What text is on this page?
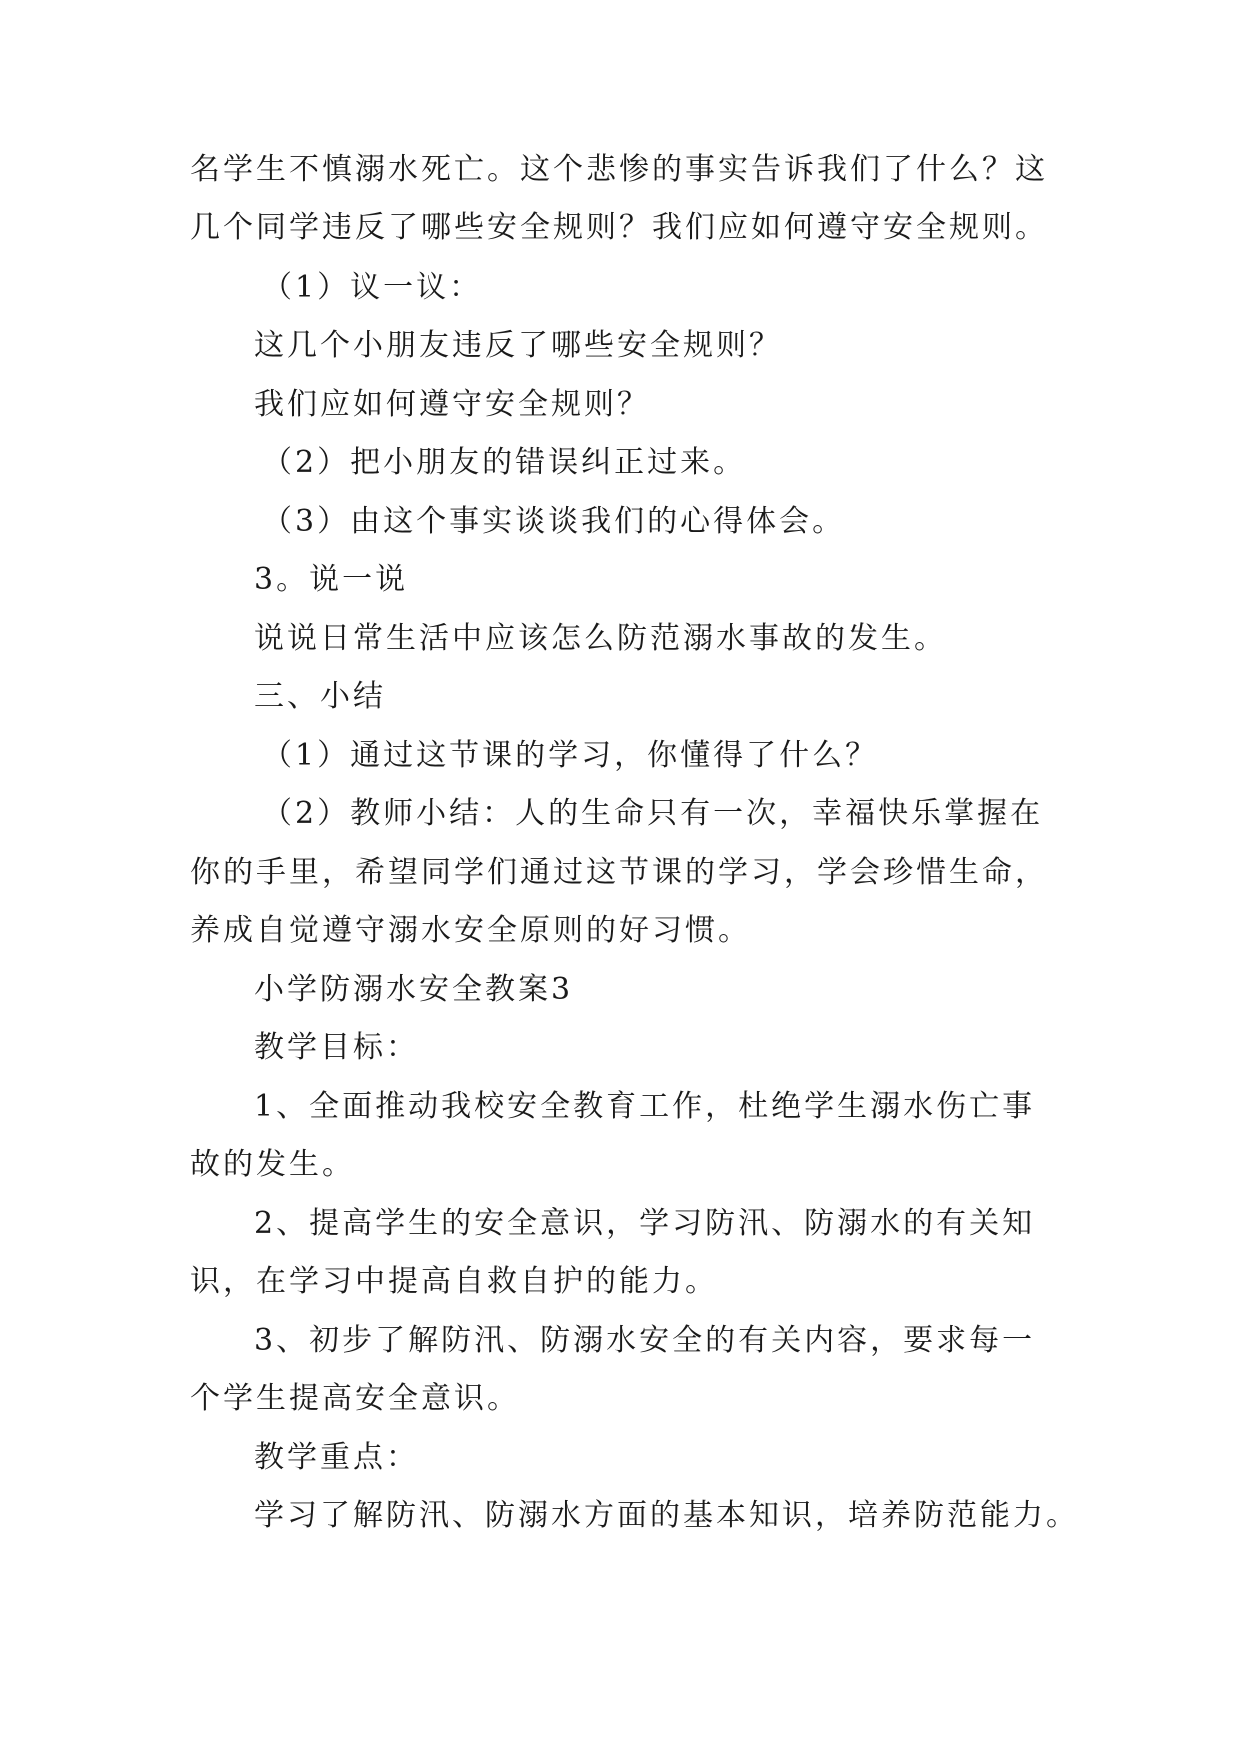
名学生不慎溺水死亡。这个悲惨的事实告诉我们了什么？这
几个同学违反了哪些安全规则？我们应如何遵守安全规则。
（1）议一议：
这几个小朋友违反了哪些安全规则？
我们应如何遵守安全规则？
（2）把小朋友的错误纠正过来。
（3）由这个事实谈谈我们的心得体会。
3。说一说
说说日常生活中应该怎么防范溺水事故的发生。
三、小结
（1）通过这节课的学习，你懂得了什么？
（2）教师小结：人的生命只有一次，幸福快乐掌握在
你的手里，希望同学们通过这节课的学习，学会珍惜生命，
养成自觉遵守溺水安全原则的好习惯。
小学防溺水安全教案3
教学目标：
1、全面推动我校安全教育工作，杜绝学生溺水伤亡事
故的发生。
2、提高学生的安全意识，学习防汛、防溺水的有关知
识，在学习中提高自救自护的能力。
3、初步了解防汛、防溺水安全的有关内容，要求每一
个学生提高安全意识。
教学重点：
学习了解防汛、防溺水方面的基本知识，培养防范能力。
